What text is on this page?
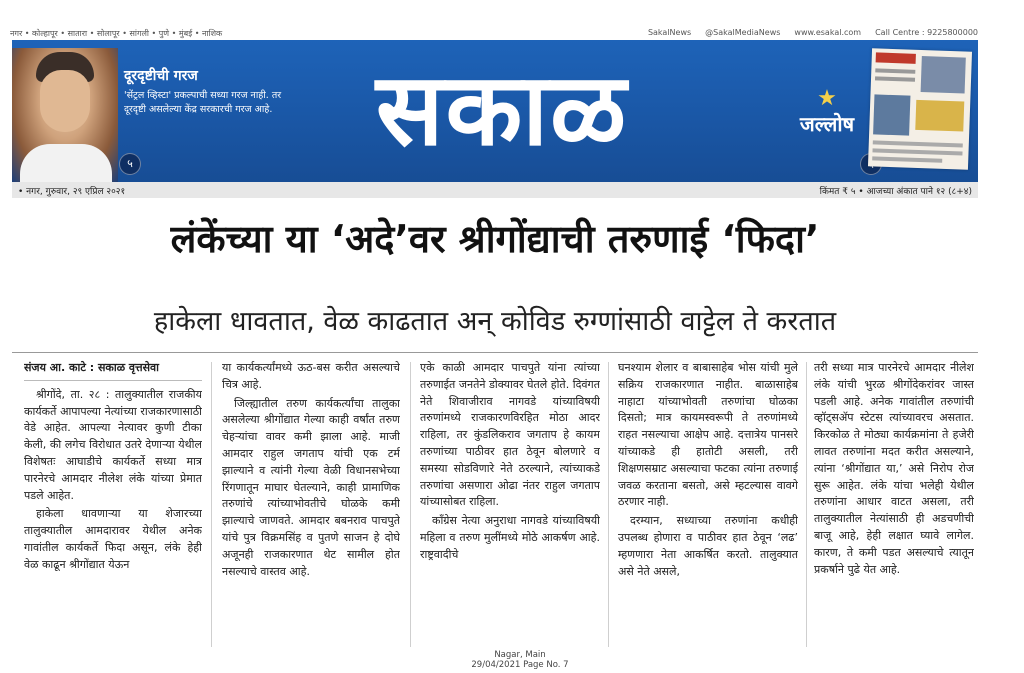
नगर • कोल्हापूर • सातारा • सोलापूर • सांगली • पुणे • मुंबई • नाशिक	SakalNews @SakalMediaNews www.esakal.com Call Centre : 9225800000
दूरदृष्टीची गरज
'सेंट्रल व्हिस्टा' प्रकल्पाची सध्या गरज नाही. तर दूरदृष्टी असलेल्या केंद्र सरकारची गरज आहे.
५	सकाळ	★
जल्लोष
• नगर, गुरुवार, २९ एप्रिल २०२१	किंमत ₹ ५ • आजच्या अंकात पाने १२ (८+४)
लंकेंच्या या ‘अदे’वर श्रीगोंद्याची तरुणाई ‘फिदा’
हाकेला धावतात, वेळ काढतात अन् कोविड रुग्णांसाठी वाट्टेल ते करतात
संजय आ. काटे : सकाळ वृत्तसेवा

श्रीगोंदे, ता. २८ : तालुक्यातील राजकीय कार्यकर्ते आपापल्या नेत्यांच्या राजकारणासाठी वेडे आहेत. आपल्या नेत्यावर कुणी टीका केली, की लगेच विरोधात उतरे देणाऱ्या येथील विशेषतः आघाडीचे कार्यकर्ते सध्या मात्र पारनेरचे आमदार नीलेश लंके यांच्या प्रेमात पडले आहेत.

हाकेला धावणाऱ्या या शेजारच्या तालुक्यातील आमदारावर येथील अनेक गावांतील कार्यकर्ते फिदा असून, लंके हेही वेळ काढून श्रीगोंद्यात येऊन

या कार्यकर्त्यांमध्ये ऊठ-बस करीत असल्याचे चित्र आहे.

जिल्ह्यातील तरुण कार्यकर्त्यांचा तालुका असलेल्या श्रीगोंद्यात गेल्या काही वर्षांत तरुण चेहऱ्यांचा वावर कमी झाला आहे. माजी आमदार राहुल जगताप यांची एक टर्म झाल्याने व त्यांनी गेल्या वेळी विधानसभेच्या रिंगणातून माघार घेतल्याने, काही प्रामाणिक तरुणांचे त्यांच्याभोवतीचे घोळके कमी झाल्याचे जाणवते. आमदार बबनराव पाचपुते यांचे पुत्र विक्रमसिंह व पुतणे साजन हे दोघे अजूनही राजकारणात थेट सामील होत नसल्याचे वास्तव आहे.

एके काळी आमदार पाचपुते यांना त्यांच्या तरुणाईत जनतेने डोक्यावर घेतले होते. दिवंगत नेते शिवाजीराव नागवडे यांच्याविषयी तरुणांमध्ये राजकारणविरहित मोठा आदर राहिला, तर कुंडलिकराव जगताप हे कायम तरुणांच्या पाठीवर हात ठेवून बोलणारे व समस्या सोडविणारे नेते ठरल्याने, त्यांच्याकडे तरुणांचा असणारा ओढा नंतर राहुल जगताप यांच्यासोबत राहिला.

काँग्रेस नेत्या अनुराधा नागवडे यांच्याविषयी महिला व तरुण मुलींमध्ये मोठे आकर्षण आहे. राष्ट्रवादीचे

घनश्याम शेलार व बाबासाहेब भोस यांची मुले सक्रिय राजकारणात नाहीत. बाळासाहेब नाहाटा यांच्याभोवती तरुणांचा घोळका दिसतो; मात्र कायमस्वरूपी ते तरुणांमध्ये राहत नसल्याचा आक्षेप आहे. दत्तात्रेय पानसरे यांच्याकडे ही हातोटी असली, तरी शिक्षणसम्राट असल्याचा फटका त्यांना तरुणाई जवळ करताना बसतो, असे म्हटल्यास वावगे ठरणार नाही.

दरम्यान, सध्याच्या तरुणांना कधीही उपलब्ध होणारा व पाठीवर हात ठेवून ‘लढ’ म्हणणारा नेता आकर्षित करतो. तालुक्यात असे नेते असले,

तरी सध्या मात्र पारनेरचे आमदार नीलेश लंके यांची भुरळ श्रीगोंदेकरांवर जास्त पडली आहे. अनेक गावांतील तरुणांची व्हॉट्सॲप स्टेटस त्यांच्यावरच असतात. किरकोळ ते मोठ्या कार्यक्रमांना ते हजेरी लावत तरुणांना मदत करीत असल्याने, त्यांना ‘श्रीगोंद्यात या,’ असे निरोप रोज सुरू आहेत. लंके यांचा भलेही येथील तरुणांना आधार वाटत असला, तरी तालुक्यातील नेत्यांसाठी ही अडचणीची बाजू आहे, हेही लक्षात घ्यावे लागेल. कारण, ते कमी पडत असल्याचे त्यातून प्रकर्षाने पुढे येत आहे.

Nagar, Main
29/04/2021 Page No. 7
